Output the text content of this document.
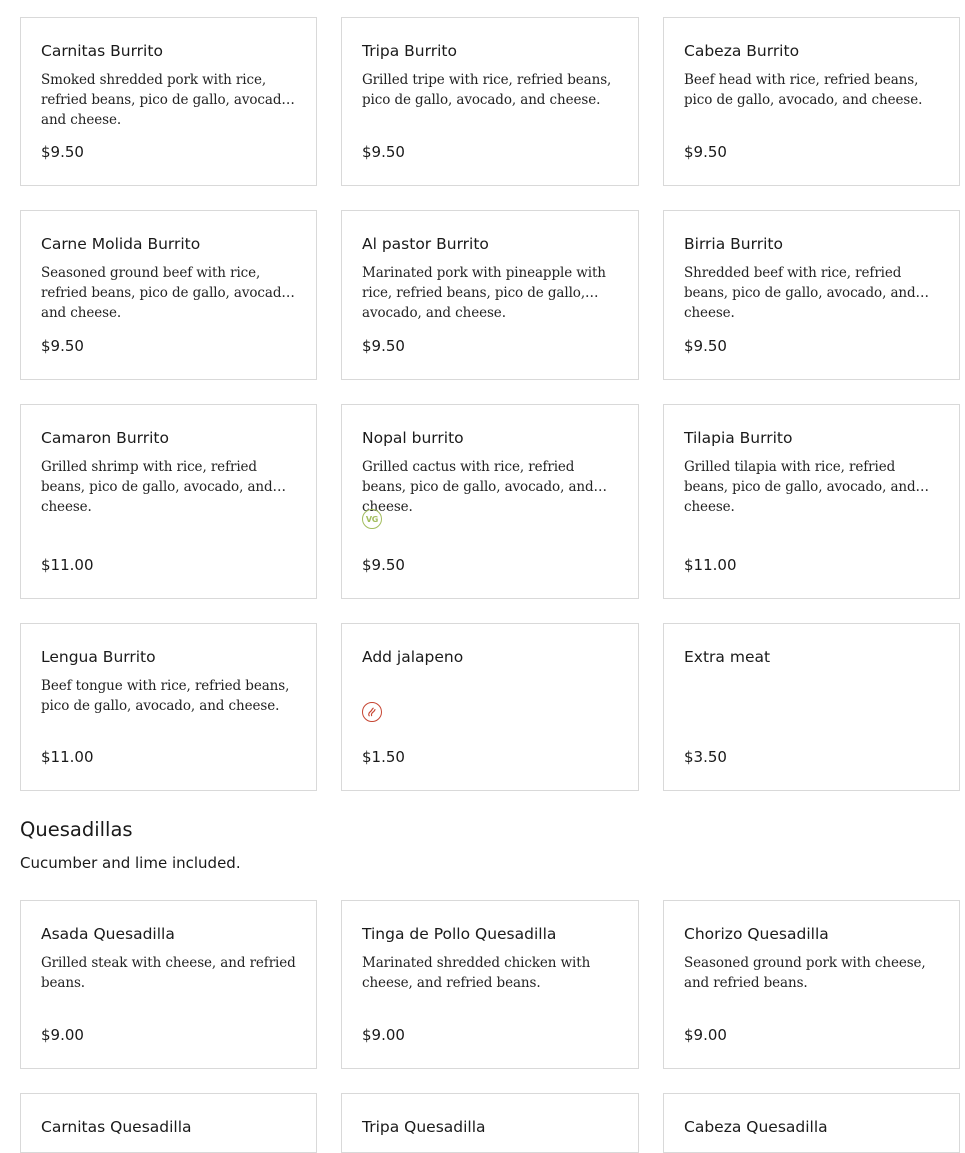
Carnitas Burrito
Smoked shredded pork with rice, refried beans, pico de gallo, avocado, and cheese.
$9.50
Tripa Burrito
Grilled tripe with rice, refried beans, pico de gallo, avocado, and cheese.
$9.50
Cabeza Burrito
Beef head with rice, refried beans, pico de gallo, avocado, and cheese.
$9.50
Carne Molida Burrito
Seasoned ground beef with rice, refried beans, pico de gallo, avocado, and cheese.
$9.50
Al pastor Burrito
Marinated pork with pineapple with rice, refried beans, pico de gallo, avocado, and cheese.
$9.50
Birria Burrito
Shredded beef with rice, refried beans, pico de gallo, avocado, and cheese.
$9.50
Camaron Burrito
Grilled shrimp with rice, refried beans, pico de gallo, avocado, and cheese.
$11.00
Nopal burrito
Grilled cactus with rice, refried beans, pico de gallo, avocado, and cheese.
VG
$9.50
Tilapia Burrito
Grilled tilapia with rice, refried beans, pico de gallo, avocado, and cheese.
$11.00
Lengua Burrito
Beef tongue with rice, refried beans, pico de gallo, avocado, and cheese.
$11.00
Add jalapeno
$1.50
Extra meat
$3.50
Quesadillas

Cucumber and lime included.

Asada Quesadilla
Grilled steak with cheese, and refried beans.
$9.00
Tinga de Pollo Quesadilla
Marinated shredded chicken with cheese, and refried beans.
$9.00
Chorizo Quesadilla
Seasoned ground pork with cheese, and refried beans.
$9.00
Carnitas Quesadilla	Tripa Quesadilla	Cabeza Quesadilla
